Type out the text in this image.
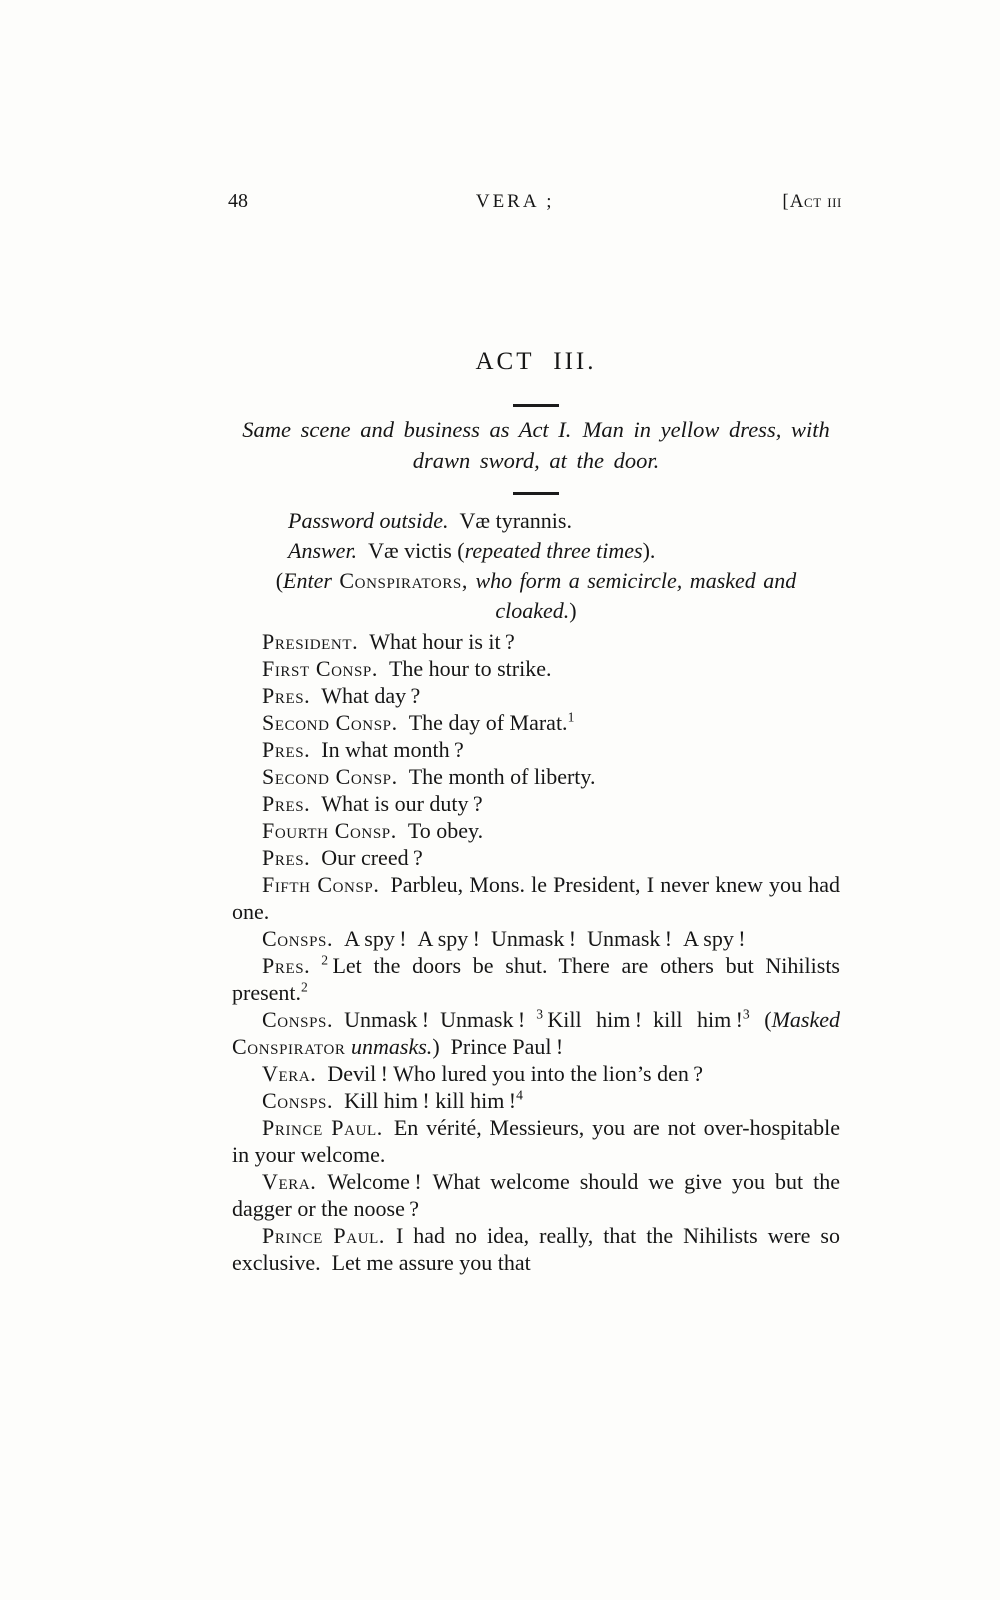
48	VERA ;	[Act iii
ACT III.
Same scene and business as Act I. Man in yellow dress, with drawn sword, at the door.

Password outside. Væ tyrannis.

Answer. Væ victis (repeated three times).

(Enter Conspirators, who form a semicircle, masked and cloaked.)

President. What hour is it ?

First Consp. The hour to strike.

Pres. What day ?

Second Consp. The day of Marat.$^1$

Pres. In what month ?

Second Consp. The month of liberty.

Pres. What is our duty ?

Fourth Consp. To obey.

Pres. Our creed ?

Fifth Consp. Parbleu, Mons. le President, I never knew you had one.

Consps. A spy ! A spy ! Unmask ! Unmask ! A spy !

Pres.  $^2$ Let the doors be shut. There are others but Nihilists present.$^2$

Consps. Unmask ! Unmask ! $^3$ Kill him ! kill him !$^3$ (Masked Conspirator unmasks.) Prince Paul !

Vera. Devil ! Who lured you into the lion’s den ?

Consps. Kill him ! kill him !$^4$

Prince Paul. En vérité, Messieurs, you are not over-hospitable in your welcome.

Vera. Welcome ! What welcome should we give you but the dagger or the noose ?

Prince Paul. I had no idea, really, that the Nihilists were so exclusive. Let me assure you that
